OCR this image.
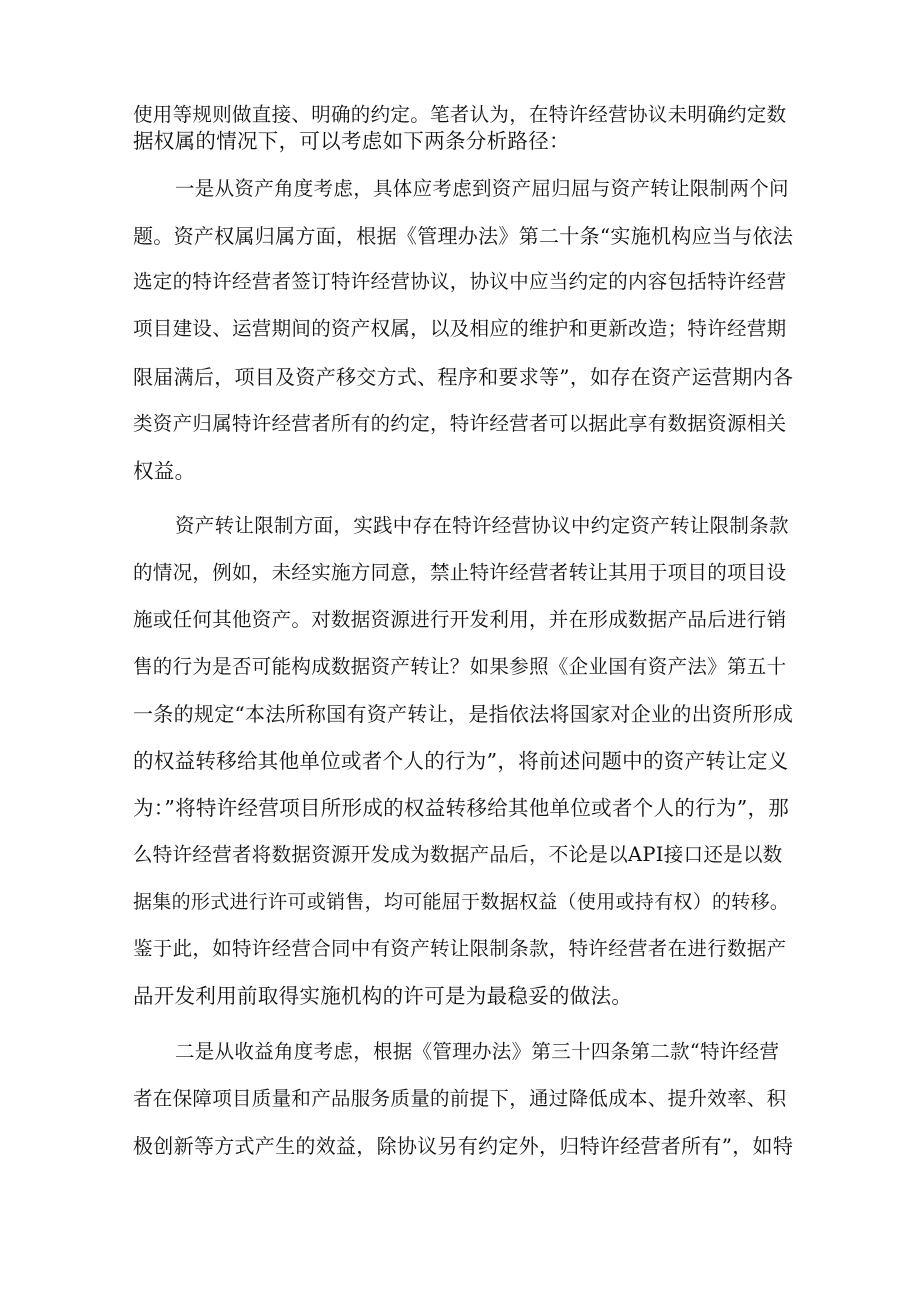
使用等规则做直接、明确的约定。笔者认为，在特许经营协议未明确约定数
据权属的情况下，可以考虑如下两条分析路径：
一是从资产角度考虑，具体应考虑到资产屈归屈与资产转让限制两个问
题。资产权属归属方面，根据《管理办法》第二十条“实施机构应当与依法
选定的特许经营者签订特许经营协议，协议中应当约定的内容包括特许经营
项目建设、运营期间的资产权属，以及相应的维护和更新改造；特许经营期
限届满后，项目及资产移交方式、程序和要求等”，如存在资产运营期内各
类资产归属特许经营者所有的约定，特许经营者可以据此享有数据资源相关
权益。
资产转让限制方面，实践中存在特许经营协议中约定资产转让限制条款
的情况，例如，未经实施方同意，禁止特许经营者转让其用于项目的项目设
施或任何其他资产。对数据资源进行开发利用，并在形成数据产品后进行销
售的行为是否可能构成数据资产转让？如果参照《企业国有资产法》第五十
一条的规定“本法所称国有资产转让，是指依法将国家对企业的出资所形成
的权益转移给其他单位或者个人的行为”，将前述问题中的资产转让定义
为：”将特许经营项目所形成的权益转移给其他单位或者个人的行为”，那
么特许经营者将数据资源开发成为数据产品后，不论是以API接口还是以数
据集的形式进行许可或销售，均可能屈于数据权益（使用或持有权）的转移。
鉴于此，如特许经营合同中有资产转让限制条款，特许经营者在进行数据产
品开发利用前取得实施机构的许可是为最稳妥的做法。
二是从收益角度考虑，根据《管理办法》第三十四条第二款“特许经营
者在保障项目质量和产品服务质量的前提下，通过降低成本、提升效率、积
极创新等方式产生的效益，除协议另有约定外，归特许经营者所有”，如特
